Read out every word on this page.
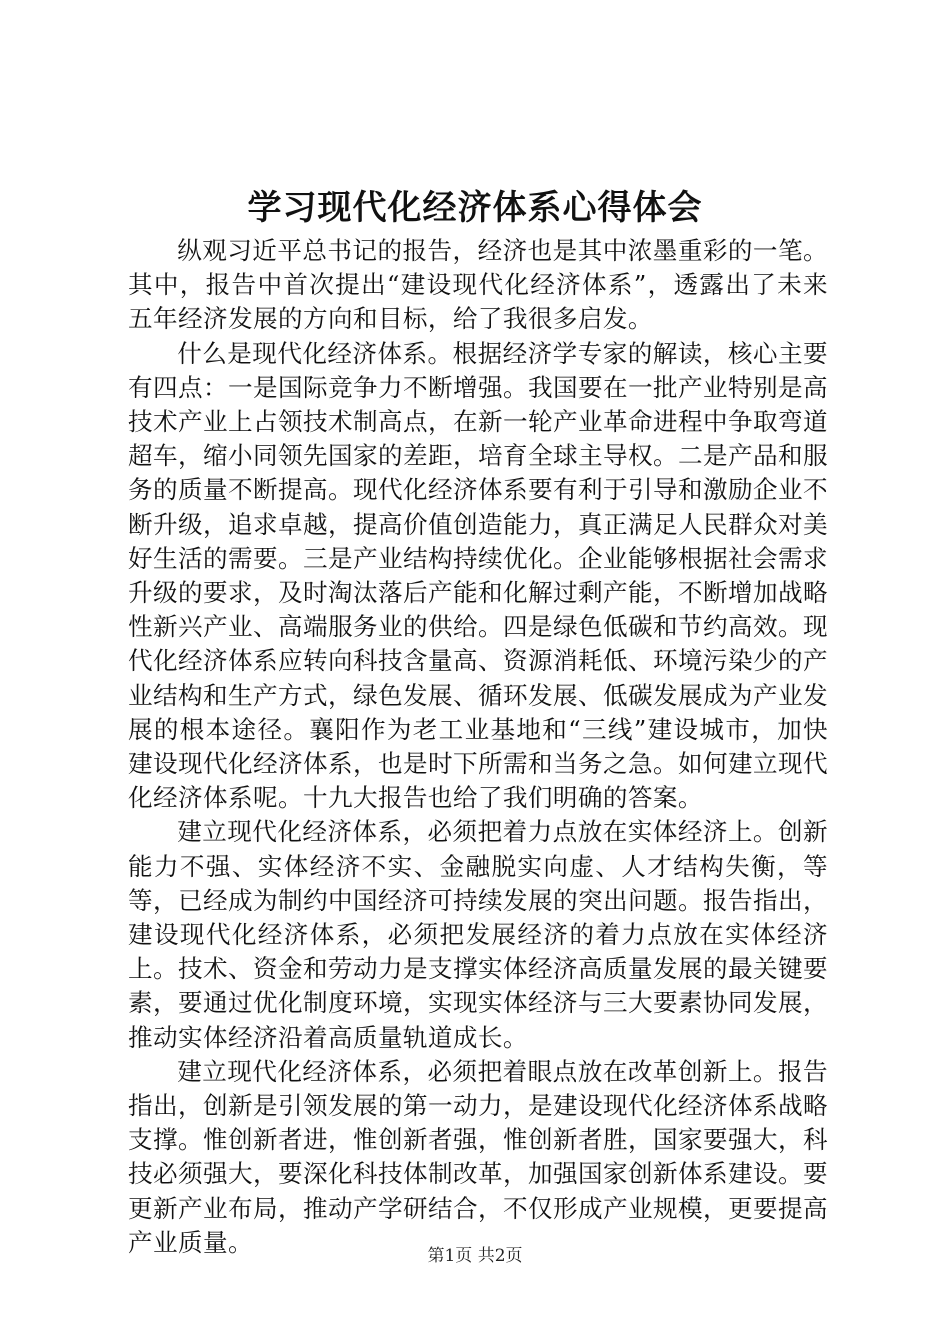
学习现代化经济体系心得体会

纵观习近平总书记的报告，经济也是其中浓墨重彩的一笔。其中，报告中首次提出“建设现代化经济体系”，透露出了未来五年经济发展的方向和目标，给了我很多启发。

什么是现代化经济体系。根据经济学专家的解读，核心主要有四点：一是国际竞争力不断增强。我国要在一批产业特别是高技术产业上占领技术制高点，在新一轮产业革命进程中争取弯道超车，缩小同领先国家的差距，培育全球主导权。二是产品和服务的质量不断提高。现代化经济体系要有利于引导和激励企业不断升级，追求卓越，提高价值创造能力，真正满足人民群众对美好生活的需要。三是产业结构持续优化。企业能够根据社会需求升级的要求，及时淘汰落后产能和化解过剩产能，不断增加战略性新兴产业、高端服务业的供给。四是绿色低碳和节约高效。现代化经济体系应转向科技含量高、资源消耗低、环境污染少的产业结构和生产方式，绿色发展、循环发展、低碳发展成为产业发展的根本途径。襄阳作为老工业基地和“三线”建设城市，加快建设现代化经济体系，也是时下所需和当务之急。如何建立现代化经济体系呢。十九大报告也给了我们明确的答案。

建立现代化经济体系，必须把着力点放在实体经济上。创新能力不强、实体经济不实、金融脱实向虚、人才结构失衡，等等，已经成为制约中国经济可持续发展的突出问题。报告指出，建设现代化经济体系，必须把发展经济的着力点放在实体经济上。技术、资金和劳动力是支撑实体经济高质量发展的最关键要素，要通过优化制度环境，实现实体经济与三大要素协同发展，推动实体经济沿着高质量轨道成长。

建立现代化经济体系，必须把着眼点放在改革创新上。报告指出，创新是引领发展的第一动力，是建设现代化经济体系战略支撑。惟创新者进，惟创新者强，惟创新者胜，国家要强大，科技必须强大，要深化科技体制改革，加强国家创新体系建设。要更新产业布局，推动产学研结合，不仅形成产业规模，更要提高产业质量。	第1页 共2页
